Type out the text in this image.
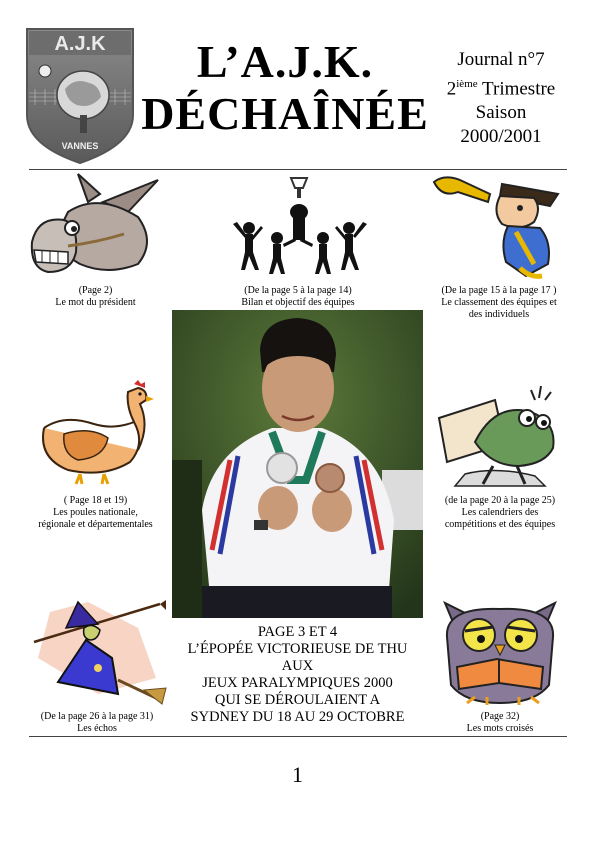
A.J.K
VANNES
L’A.J.K.
DÉCHAÎNÉE
Journal n°7
2ième Trimestre
Saison
2000/2001
(Page 2)
Le mot du président
(De la page 5 à la page 14)
Bilan et objectif des équipes
(De la page 15 à la page 17 )
Le classement des équipes et
des individuels
( Page 18 et 19)
Les poules nationale,
régionale et départementales
(de la page 20 à la page 25)
Les calendriers des
compétitions et des équipes
PAGE 3 ET 4
L’ÉPOPÉE VICTORIEUSE DE THU
AUX
JEUX PARALYMPIQUES 2000
QUI SE DÉROULAIENT A
SYDNEY DU 18 AU 29 OCTOBRE
(De la page 26 à la page 31)
Les échos
(Page 32)
Les mots croisés
1
